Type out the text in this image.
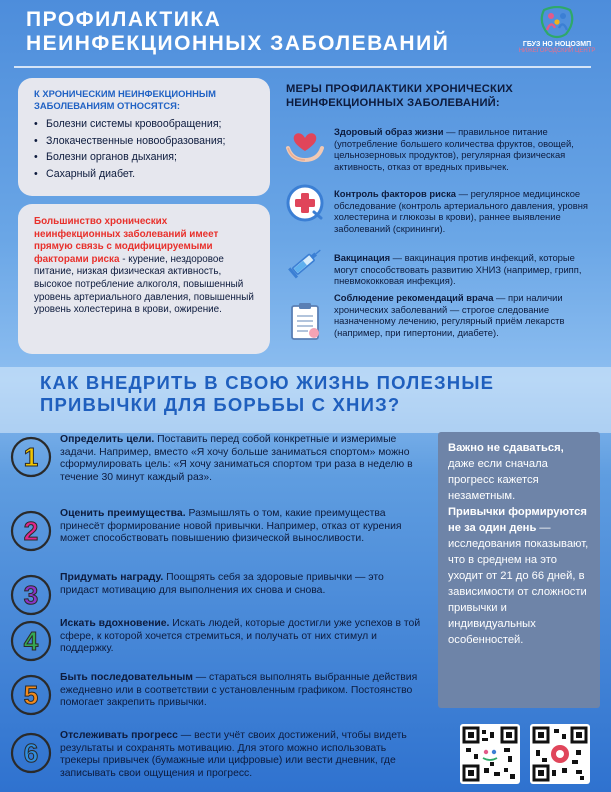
ПРОФИЛАКТИКА
НЕИНФЕКЦИОННЫХ ЗАБОЛЕВАНИЙ	ГБУЗ НО НОЦОЗМП
НИЖЕГОРОДСКИЙ ЦЕНТР
К ХРОНИЧЕСКИМ НЕИНФЕКЦИОННЫМ ЗАБОЛЕВАНИЯМ ОТНОСЯТСЯ:
• Болезни системы кровообращения;
• Злокачественные новообразования;
• Болезни органов дыхания;
• Сахарный диабет.
Большинство хронических неинфекционных заболеваний имеет прямую связь с модифицируемыми факторами риска - курение, нездоровое питание, низкая физическая активность, высокое потребление алкоголя, повышенный уровень артериального давления, повышенный уровень холестерина в крови, ожирение.
МЕРЫ ПРОФИЛАКТИКИ ХРОНИЧЕСКИХ НЕИНФЕКЦИОННЫХ ЗАБОЛЕВАНИЙ:
Здоровый образ жизни — правильное питание (употребление большего количества фруктов, овощей, цельнозерновых продуктов), регулярная физическая активность, отказ от вредных привычек.
Контроль факторов риска — регулярное медицинское обследование (контроль артериального давления, уровня холестерина и глюкозы в крови), раннее выявление заболеваний (скрининги).
Вакцинация — вакцинация против инфекций, которые могут способствовать развитию ХНИЗ (например, грипп, пневмококковая инфекция).
Соблюдение рекомендаций врача — при наличии хронических заболеваний — строгое следование назначенному лечению, регулярный приём лекарств (например, при гипертонии, диабете).
КАК ВНЕДРИТЬ В СВОЮ ЖИЗНЬ ПОЛЕЗНЫЕ
ПРИВЫЧКИ ДЛЯ БОРЬБЫ С ХНИЗ?
1
Определить цели. Поставить перед собой конкретные и измеримые задачи. Например, вместо «Я хочу больше заниматься спортом» можно сформулировать цель: «Я хочу заниматься спортом три раза в неделю в течение 30 минут каждый раз».
2
Оценить преимущества. Размышлять о том, какие преимущества принесёт формирование новой привычки. Например, отказ от курения может способствовать повышению физической выносливости.
3
Придумать награду. Поощрять себя за здоровые привычки — это придаст мотивацию для выполнения их снова и снова.
4
Искать вдохновение. Искать людей, которые достигли уже успехов в той сфере, к которой хочется стремиться, и получать от них стимул и поддержку.
5
Быть последовательным — стараться выполнять выбранные действия ежедневно или в соответствии с установленным графиком. Постоянство помогает закрепить привычки.
6
Отслеживать прогресс — вести учёт своих достижений, чтобы видеть результаты и сохранять мотивацию. Для этого можно использовать трекеры привычек (бумажные или цифровые) или вести дневник, где записывать свои ощущения и прогресс.
Важно не сдаваться, даже если сначала прогресс кажется незаметным.
Привычки формируются не за один день — исследования показывают, что в среднем на это уходит от 21 до 66 дней, в зависимости от сложности привычки и индивидуальных особенностей.
